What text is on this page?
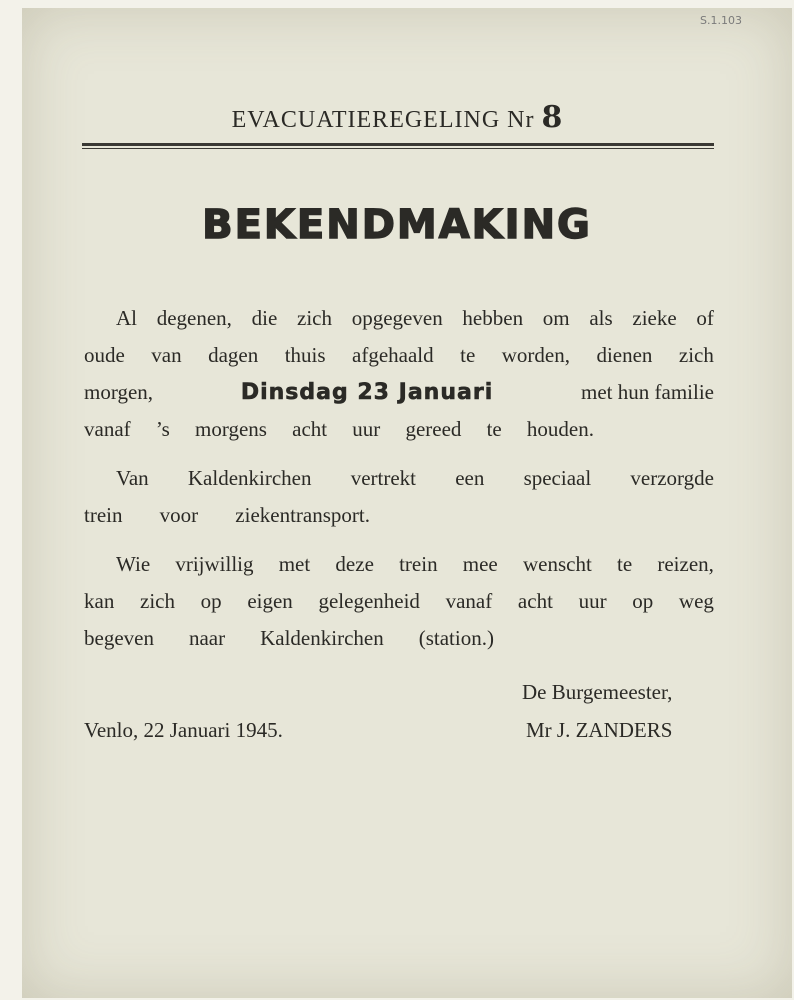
S.1.103
EVACUATIEREGELING Nr 8
BEKENDMAKING
Al degenen, die zich opgegeven hebben om als zieke of
oude van dagen thuis afgehaald te worden, dienen zich
morgen,	Dinsdag 23 Januari	met hun familie
vanaf ’s morgens acht uur gereed te houden.
Van Kaldenkirchen vertrekt een speciaal verzorgde
trein voor ziekentransport.
Wie vrijwillig met deze trein mee wenscht te reizen,
kan zich op eigen gelegenheid vanaf acht uur op weg
begeven naar Kaldenkirchen (station.)
De Burgemeester,
Mr J. ZANDERS
Venlo, 22 Januari 1945.
